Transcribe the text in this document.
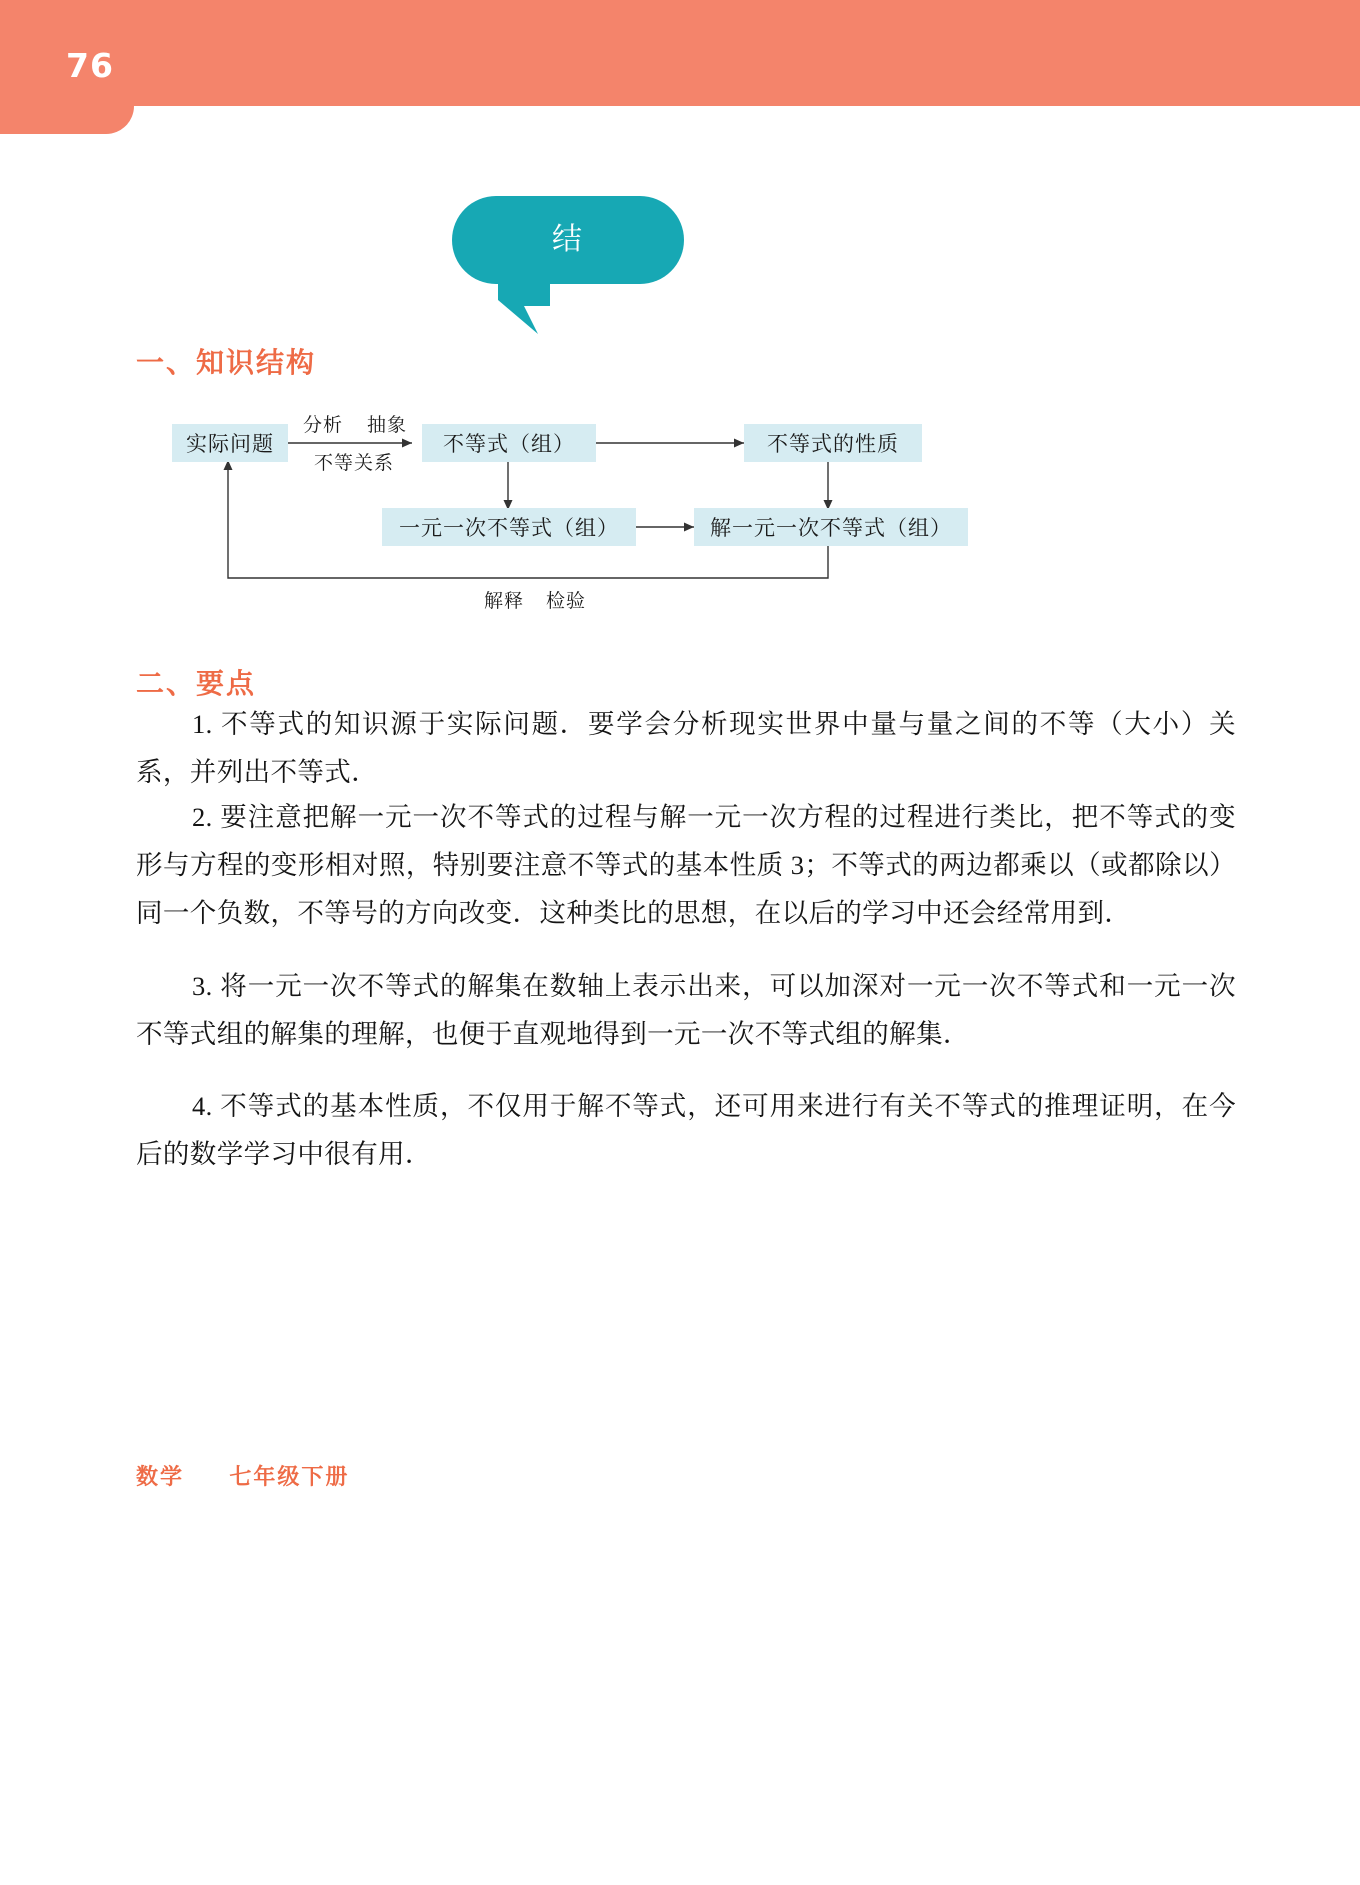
76
结
一、知识结构
实际问题	不等式（组）	不等式的性质
一元一次不等式（组）	解一元一次不等式（组）
分析 抽象
不等关系
解释 检验
二、要点
1. 不等式的知识源于实际问题．要学会分析现实世界中量与量之间的不等（大小）关系，并列出不等式．
2. 要注意把解一元一次不等式的过程与解一元一次方程的过程进行类比，把不等式的变形与方程的变形相对照，特别要注意不等式的基本性质 3；不等式的两边都乘以（或都除以）同一个负数，不等号的方向改变．这种类比的思想，在以后的学习中还会经常用到．
3. 将一元一次不等式的解集在数轴上表示出来，可以加深对一元一次不等式和一元一次不等式组的解集的理解，也便于直观地得到一元一次不等式组的解集．
4. 不等式的基本性质，不仅用于解不等式，还可用来进行有关不等式的推理证明，在今后的数学学习中很有用．
数学 七年级下册
